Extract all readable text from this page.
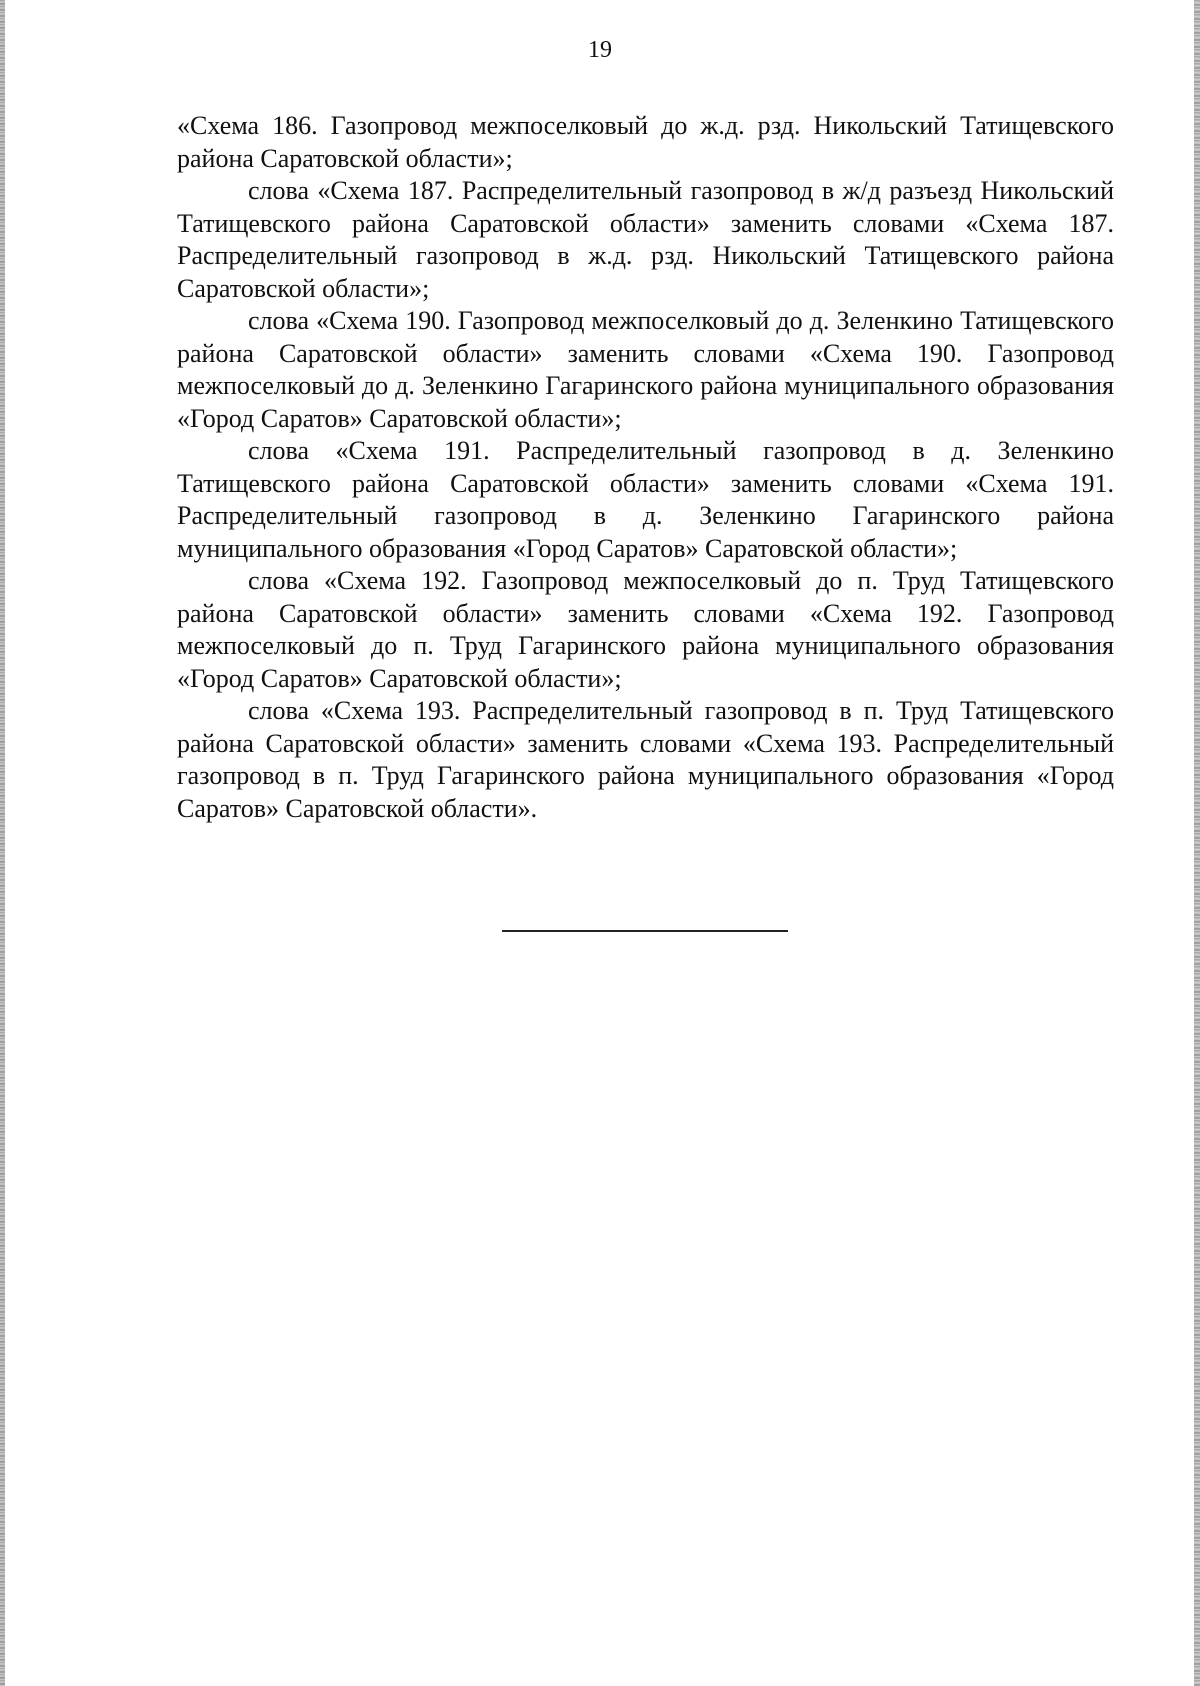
19

«Схема 186. Газопровод межпоселковый до ж.д. рзд. Никольский Татищевского района Саратовской области»;

слова «Схема 187. Распределительный газопровод в ж/д разъезд Никольский Татищевского района Саратовской области» заменить словами «Схема 187. Распределительный газопровод в ж.д. рзд. Никольский Татищевского района Саратовской области»;

слова «Схема 190. Газопровод межпоселковый до д. Зеленкино Татищевского района Саратовской области» заменить словами «Схема 190. Газопровод межпоселковый до д. Зеленкино Гагаринского района муниципального образования «Город Саратов» Саратовской области»;

слова «Схема 191. Распределительный газопровод в д. Зеленкино Татищевского района Саратовской области» заменить словами «Схема 191. Распределительный газопровод в д. Зеленкино Гагаринского района муниципального образования «Город Саратов» Саратовской области»;

слова «Схема 192. Газопровод межпоселковый до п. Труд Татищевского района Саратовской области» заменить словами «Схема 192. Газопровод межпоселковый до п. Труд Гагаринского района муниципального образования «Город Саратов» Саратовской области»;

слова «Схема 193. Распределительный газопровод в п. Труд Татищевского района Саратовской области» заменить словами «Схема 193. Распределительный газопровод в п. Труд Гагаринского района муниципального образования «Город Саратов» Саратовской области».
